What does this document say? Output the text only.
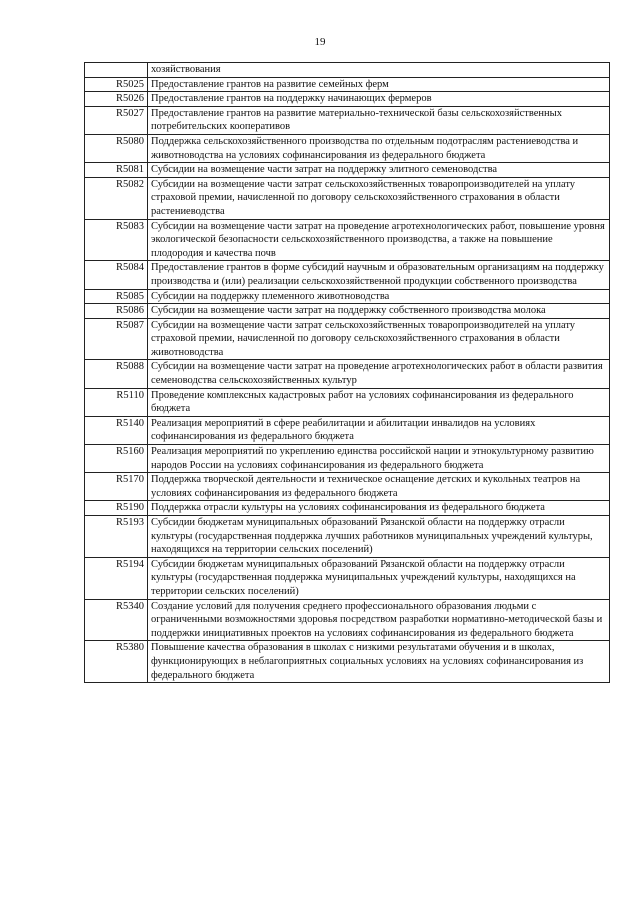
19
	хозяйствования
R5025	Предоставление грантов на развитие семейных ферм
R5026	Предоставление грантов на поддержку начинающих фермеров
R5027	Предоставление грантов на развитие материально-технической базы сельскохозяйственных потребительских кооперативов
R5080	Поддержка сельскохозяйственного производства по отдельным подотраслям растениеводства и животноводства на условиях софинансирования из федерального бюджета
R5081	Субсидии на возмещение части затрат на поддержку элитного семеноводства
R5082	Субсидии на возмещение части затрат сельскохозяйственных товаропроизводителей на уплату страховой премии, начисленной по договору сельскохозяйственного страхования в области растениеводства
R5083	Субсидии на возмещение части затрат на проведение агротехнологических работ, повышение уровня экологической безопасности сельскохозяйственного производства, а также на повышение плодородия и качества почв
R5084	Предоставление грантов в форме субсидий научным и образовательным организациям на поддержку производства и (или) реализации сельскохозяйственной продукции собственного производства
R5085	Субсидии на поддержку племенного животноводства
R5086	Субсидии на возмещение части затрат на поддержку собственного производства молока
R5087	Субсидии на возмещение части затрат сельскохозяйственных товаропроизводителей на уплату страховой премии, начисленной по договору сельскохозяйственного страхования в области животноводства
R5088	Субсидии на возмещение части затрат на проведение агротехнологических работ в области развития семеноводства сельскохозяйственных культур
R5110	Проведение комплексных кадастровых работ на условиях софинансирования из федерального бюджета
R5140	Реализация мероприятий в сфере реабилитации и абилитации инвалидов на условиях софинансирования из федерального бюджета
R5160	Реализация мероприятий по укреплению единства российской нации и этнокультурному развитию народов России на условиях софинансирования из федерального бюджета
R5170	Поддержка творческой деятельности и техническое оснащение детских и кукольных театров на условиях софинансирования из федерального бюджета
R5190	Поддержка отрасли культуры на условиях софинансирования из федерального бюджета
R5193	Субсидии бюджетам муниципальных образований Рязанской области на поддержку отрасли культуры (государственная поддержка лучших работников муниципальных учреждений культуры, находящихся на территории сельских поселений)
R5194	Субсидии бюджетам муниципальных образований Рязанской области на поддержку отрасли культуры (государственная поддержка муниципальных учреждений культуры, находящихся на территории сельских поселений)
R5340	Создание условий для получения среднего профессионального образования людьми с ограниченными возможностями здоровья посредством разработки нормативно-методической базы и поддержки инициативных проектов на условиях софинансирования из федерального бюджета
R5380	Повышение качества образования в школах с низкими результатами обучения и в школах, функционирующих в неблагоприятных социальных условиях на условиях софинансирования из федерального бюджета
